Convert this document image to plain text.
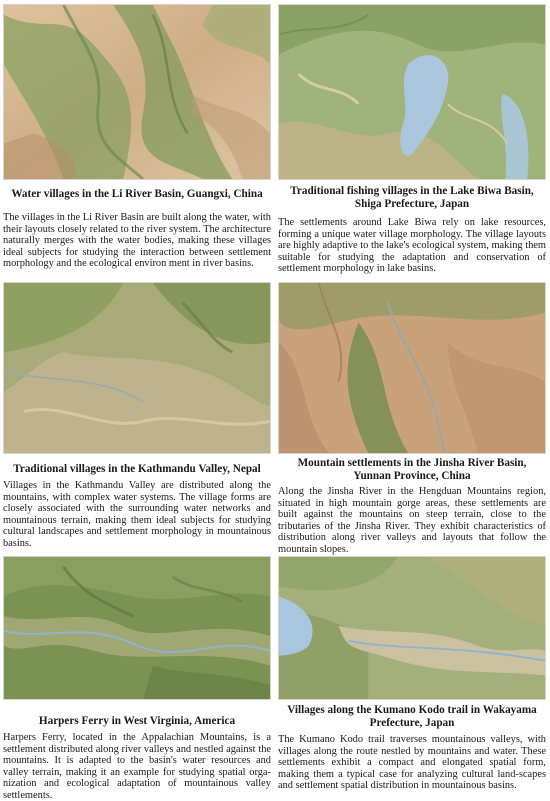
Water villages in the Li River Basin, Guangxi, China

The villages in the Li River Basin are built along the water, with their layouts closely related to the river system. The architecture naturally merges with the water bodies, making these villages ideal subjects for studying the interaction between settlement morphology and the ecological environ ment in river basins.

Traditional fishing villages in the Lake Biwa Basin, Shiga Prefecture, Japan

The settlements around Lake Biwa rely on lake resources, forming a unique water village morphology. The village layouts are highly adaptive to the lake's ecological system, making them suitable for studying the adaptation and conservation of settlement morphology in lake basins.

Traditional villages in the Kathmandu Valley, Nepal

Villages in the Kathmandu Valley are distributed along the mountains, with complex water systems. The village forms are closely associated with the surrounding water networks and mountainous terrain, making them ideal subjects for studying cultural landscapes and settlement morphology in mountainous basins.

Mountain settlements in the Jinsha River Basin, Yunnan Province, China

Along the Jinsha River in the Hengduan Mountains region, situated in high mountain gorge areas, these settlements are built against the mountains on steep terrain, close to the tributaries of the Jinsha River. They exhibit characteristics of distribution along river valleys and layouts that follow the mountain slopes.

Harpers Ferry in West Virginia, America

Harpers Ferry, located in the Appalachian Mountains, is a settlement distributed along river valleys and nestled against the mountains. It is adapted to the basin's water resources and valley terrain, making it an example for studying spatial orga-nization and ecological adaptation of mountainous valley settlements.

Villages along the Kumano Kodo trail in Wakayama Prefecture, Japan

The Kumano Kodo trail traverses mountainous valleys, with villages along the route nestled by mountains and water. These settlements exhibit a compact and elongated spatial form, making them a typical case for analyzing cultural land-scapes and settlement spatial distribution in mountainous basins.
